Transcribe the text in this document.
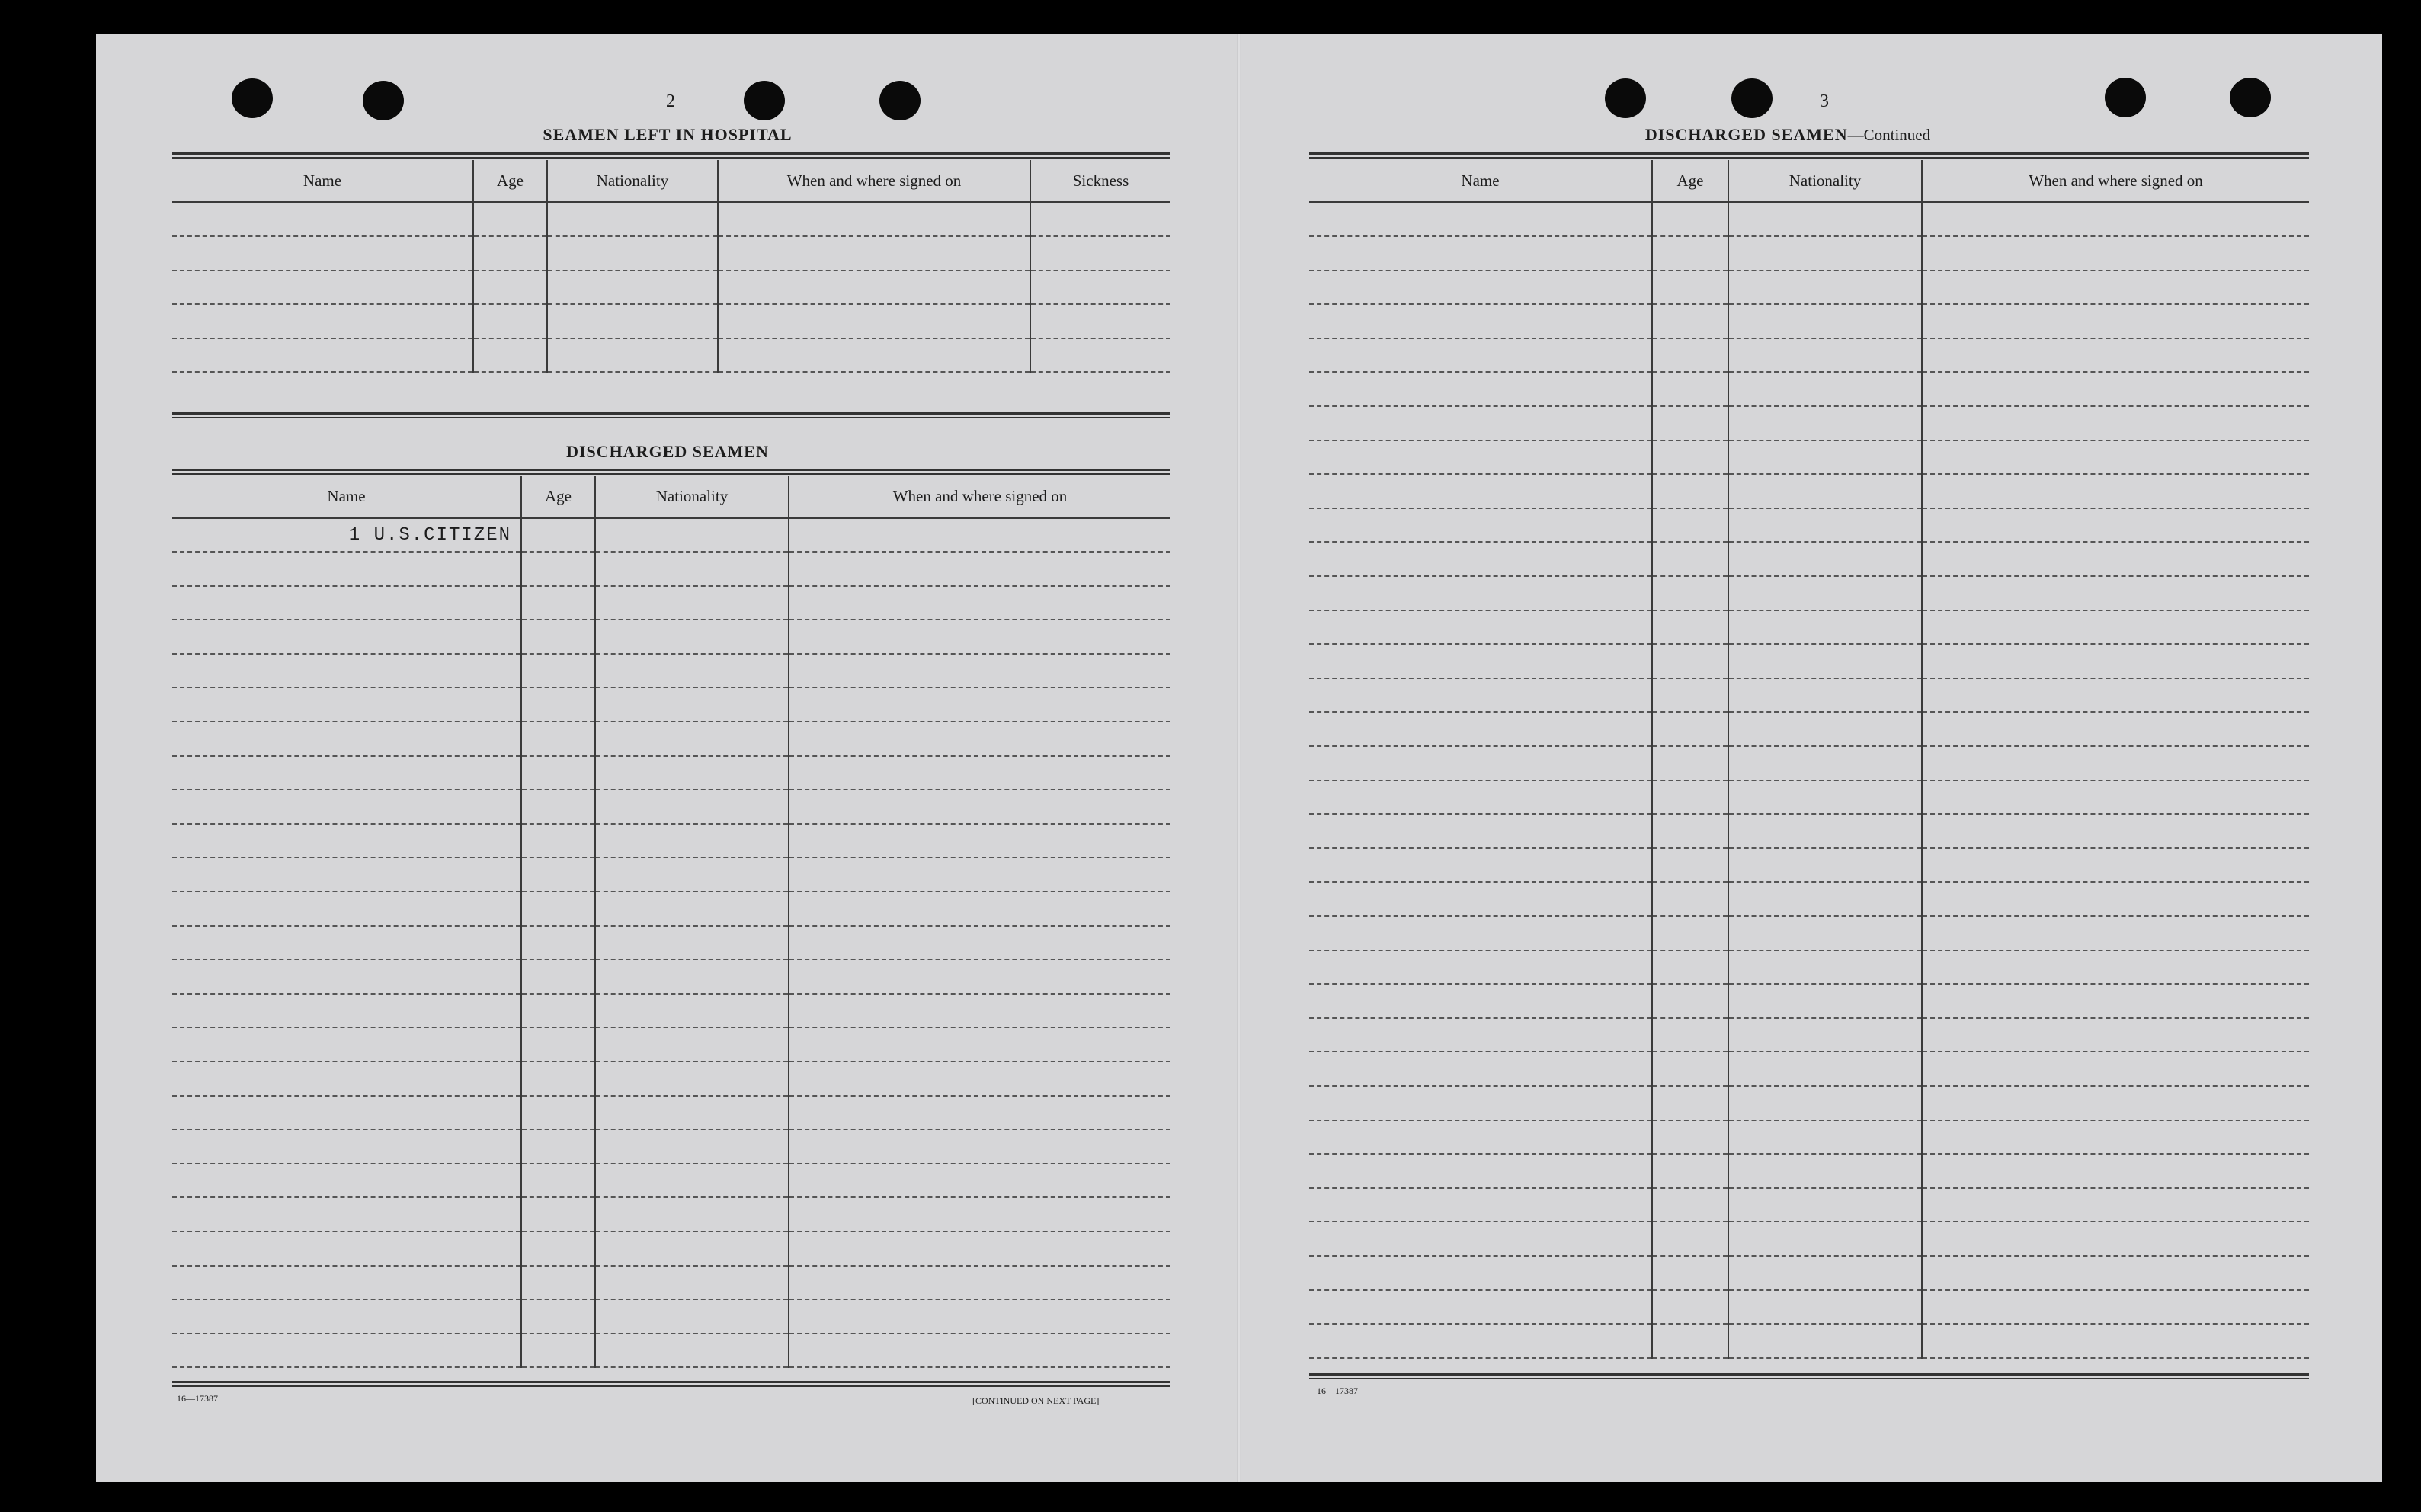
2
SEAMEN LEFT IN HOSPITAL
Name	Age	Nationality	When and where signed on	Sickness

DISCHARGED SEAMEN
Name	Age	Nationality	When and where signed on
1 U.S.CITIZEN			

16—17387	[CONTINUED ON NEXT PAGE]
3
DISCHARGED SEAMEN—Continued
Name	Age	Nationality	When and where signed on

16—17387
